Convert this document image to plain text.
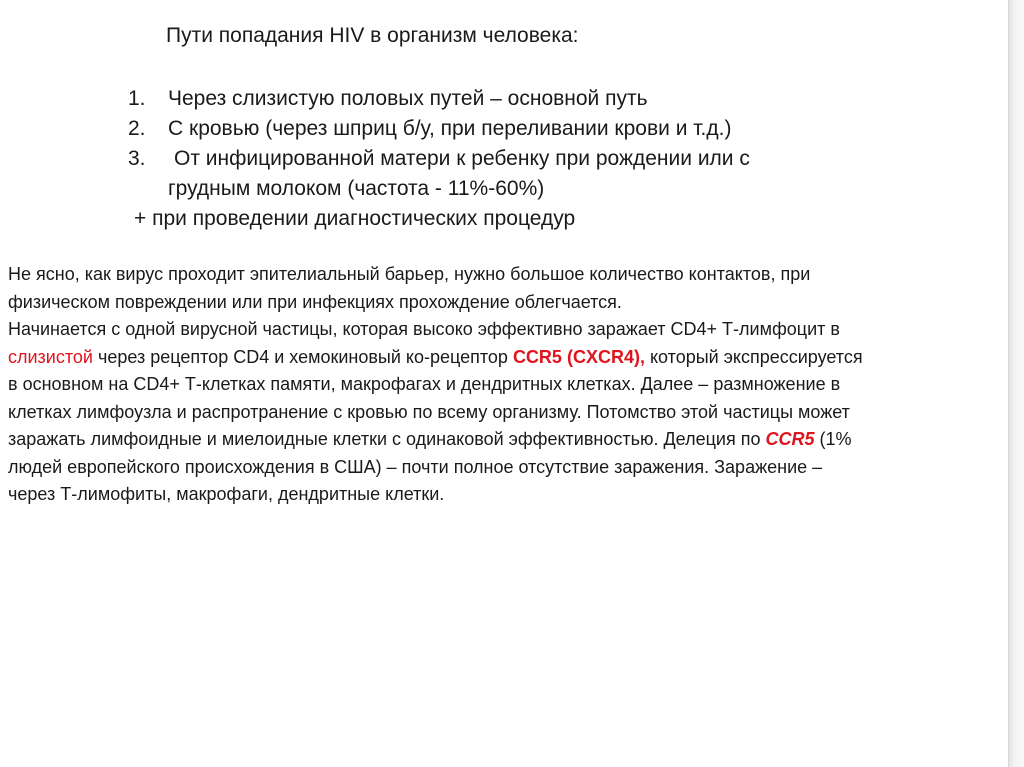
Пути попадания HIV в организм человека:
1.	Через слизистую половых путей – основной путь
2.	С кровью (через шприц б/у, при переливании крови и т.д.)
3.	От инфицированной матери к ребенку при рождении или с
грудным молоком (частота - 11%-60%)
+ при проведении диагностических процедур

Не ясно, как вирус проходит эпителиальный барьер, нужно большое количество контактов, при
физическом повреждении или при инфекциях прохождение облегчается.

Начинается с одной вирусной частицы, которая высоко эффективно заражает CD4+ Т-лимфоцит в
слизистой через рецептор CD4 и хемокиновый ко-рецептор CCR5 (CXCR4), который экспрессируется
в основном на CD4+ Т-клетках памяти, макрофагах и дендритных клетках. Далее – размножение в
клетках лимфоузла и распротранение с кровью по всему организму. Потомство этой частицы может
заражать лимфоидные и миелоидные клетки с одинаковой эффективностью. Делеция по CCR5 (1%
людей европейского происхождения в США) – почти полное отсутствие заражения. Заражение –
через Т-лимофиты, макрофаги, дендритные клетки.
